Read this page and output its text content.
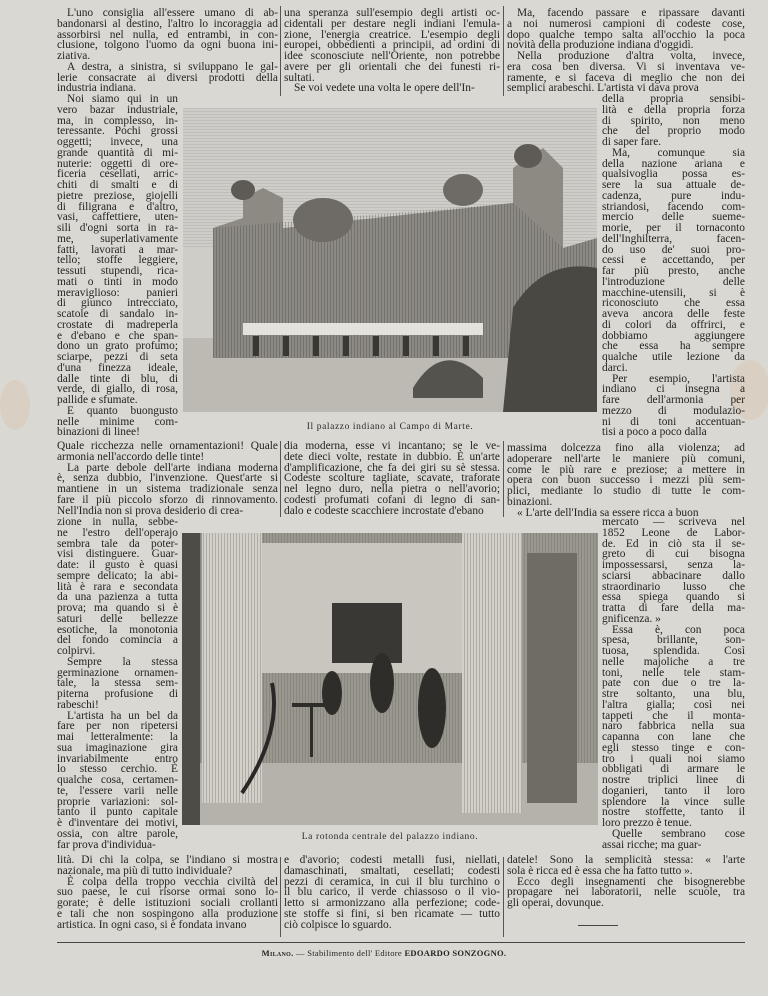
L'uno consiglia all'essere umano di ab-
bandonarsi al destino, l'altro lo incoraggia ad
assorbirsi nel nulla, ed entrambi, in con-
clusione, tolgono l'uomo da ogni buona ini-
ziativa.
A destra, a sinistra, si sviluppano le gal-
lerie consacrate ai diversi prodotti della
industria indiana.
Noi siamo qui in un
vero bazar industriale,
ma, in complesso, in-
teressante. Pochi grossi
oggetti; invece, una
grande quantità di mi-
nuterie: oggetti di ore-
ficeria cesellati, arric-
chiti di smalti e di
pietre preziose, giojelli
di filigrana e d'altro,
vasi, caffettiere, uten-
sili d'ogni sorta in ra-
me, superlativamente
fatti, lavorati a mar-
tello; stoffe leggiere,
tessuti stupendi, rica-
mati o tinti in modo
meraviglioso: panieri
di giunco intrecciato,
scatole di sandalo in-
crostate di madreperla
e d'ebano e che span-
dono un grato profumo;
sciarpe, pezzi di seta
d'una finezza ideale,
dalle tinte di blu, di
verde, di giallo, di rosa,
pallide e sfumate.
E quanto buongusto
nelle minime com-
binazioni di linee!
Quale ricchezza nelle ornamentazioni! Quale
armonia nell'accordo delle tinte!
La parte debole dell'arte indiana moderna
è, senza dubbio, l'invenzione. Quest'arte si
mantiene in un sistema tradizionale senza
fare il più piccolo sforzo di rinnovamento.
Nell'India non si prova desiderio di crea-
zione in nulla, sebbe-
ne l'estro dell'operajo
sembra tale da poter-
visi distinguere. Guar-
date: il gusto è quasi
sempre delicato; la abi-
lità è rara e secondata
da una pazienza a tutta
prova; ma quando si è
saturi delle bellezze
esotiche, la monotonia
del fondo comincia a
colpirvi.
Sempre la stessa
germinazione ornamen-
tale, la stessa sem-
piterna profusione di
rabeschi!
L'artista ha un bel da
fare per non ripetersi
mai letteralmente: la
sua imaginazione gira
invariabilmente entro
lo stesso cerchio. È
qualche cosa, certamen-
te, l'essere varii nelle
proprie variazioni: sol-
tanto il punto capitale
è d'inventare dei motivi,
ossia, con altre parole,
far prova d'individua-
lità. Di chi la colpa, se l'indiano si mostra
nazionale, ma più di tutto individuale?
È colpa della troppo vecchia civiltà del
suo paese, le cui risorse ormai sono lo-
gorate; è delle istituzioni sociali crollanti
e tali che non sospingono alla produzione
artistica. In ogni caso, si è fondata invano
una speranza sull'esempio degli artisti oc-
cidentali per destare negli indiani l'emula-
zione, l'energia creatrice. L'esempio degli
europei, obbedienti a principii, ad ordini di
idee sconosciute nell'Oriente, non potrebbe
avere per gli orientali che dei funesti ri-
sultati.
Se voi vedete una volta le opere dell'In-
dia moderna, esse vi incantano; se le ve-
dete dieci volte, restate in dubbio. È un'arte
d'amplificazione, che fa dei giri su sè stessa.
Codeste scolture tagliate, scavate, traforate
nel legno duro, nella pietra o nell'avorio;
codesti profumati cofani di legno di san-
dalo e codeste scacchiere incrostate d'ebano
e d'avorio; codesti metalli fusi, niellati,
damaschinati, smaltati, cesellati; codesti
pezzi di ceramica, in cui il blu turchino o
il blu carico, il verde chiassoso o il vio-
letto si armonizzano alla perfezione; code-
ste stoffe si fini, si ben ricamate — tutto
ciò colpisce lo sguardo.
Ma, facendo passare e ripassare davanti
a noi numerosi campioni di codeste cose,
dopo qualche tempo salta all'occhio la poca
novità della produzione indiana d'oggidì.
Nella produzione d'altra volta, invece,
era cosa ben diversa. Vi si inventava ve-
ramente, e si faceva di meglio che non dei
semplici arabeschi. L'artista vi dava prova
della propria sensibi-
lità e della propria forza
di spirito, non meno
che del proprio modo
di saper fare.
Ma, comunque sia
della nazione ariana e
qualsivoglia possa es-
sere la sua attuale de-
cadenza, pure indu-
striandosi, facendo com-
mercio delle sueme-
morie, per il tornaconto
dell'Inghilterra, facen-
do uso de' suoi pro-
cessi e accettando, per
far più presto, anche
l'introduzione delle
macchine-utensili, si è
riconosciuto che essa
aveva ancora delle feste
di colori da offrirci, e
dobbiamo aggiungere
che essa ha sempre
qualche utile lezione da
darci.
Per esempio, l'artista
indiano ci insegna a
fare dell'armonia per
mezzo di modulazio-
ni di toni accentuan-
tisi a poco a poco dalla
massima dolcezza fino alla violenza; ad
adoperare nell'arte le maniere più comuni,
come le più rare e preziose; a mettere in
opera con buon successo i mezzi più sem-
plici, mediante lo studio di tutte le com-
binazioni.
« L'arte dell'India sa essere ricca a buon
mercato — scriveva nel
1852 Leone de Labor-
de. Ed in ciò sta il se-
greto di cui bisogna
impossessarsi, senza la-
sciarsi abbacinare dallo
straordinario lusso che
essa spiega quando si
tratta di fare della ma-
gnificenza. »
Essa è, con poca
spesa, brillante, son-
tuosa, splendida. Così
nelle majoliche a tre
toni, nelle tele stam-
pate con due o tre la-
stre soltanto, una blu,
l'altra gialla; così nei
tappeti che il monta-
naro fabbrica nella sua
capanna con lane che
egli stesso tinge e con-
tro i quali noi siamo
obbligati di armare le
nostre triplici linee di
doganieri, tanto il loro
splendore la vince sulle
nostre stoffette, tanto il
loro prezzo è tenue.
Quelle sembrano cose
assai ricche; ma guar-
datele! Sono la semplicità stessa: « l'arte
sola è ricca ed è essa che ha fatto tutto ».
Ecco degli insegnamenti che bisognerebbe
propagare nei laboratorii, nelle scuole, tra
gli operai, dovunque.
Il palazzo indiano al Campo di Marte.
La rotonda centrale del palazzo indiano.
Milano. — Stabilimento dell' Editore EDOARDO SONZOGNO.
